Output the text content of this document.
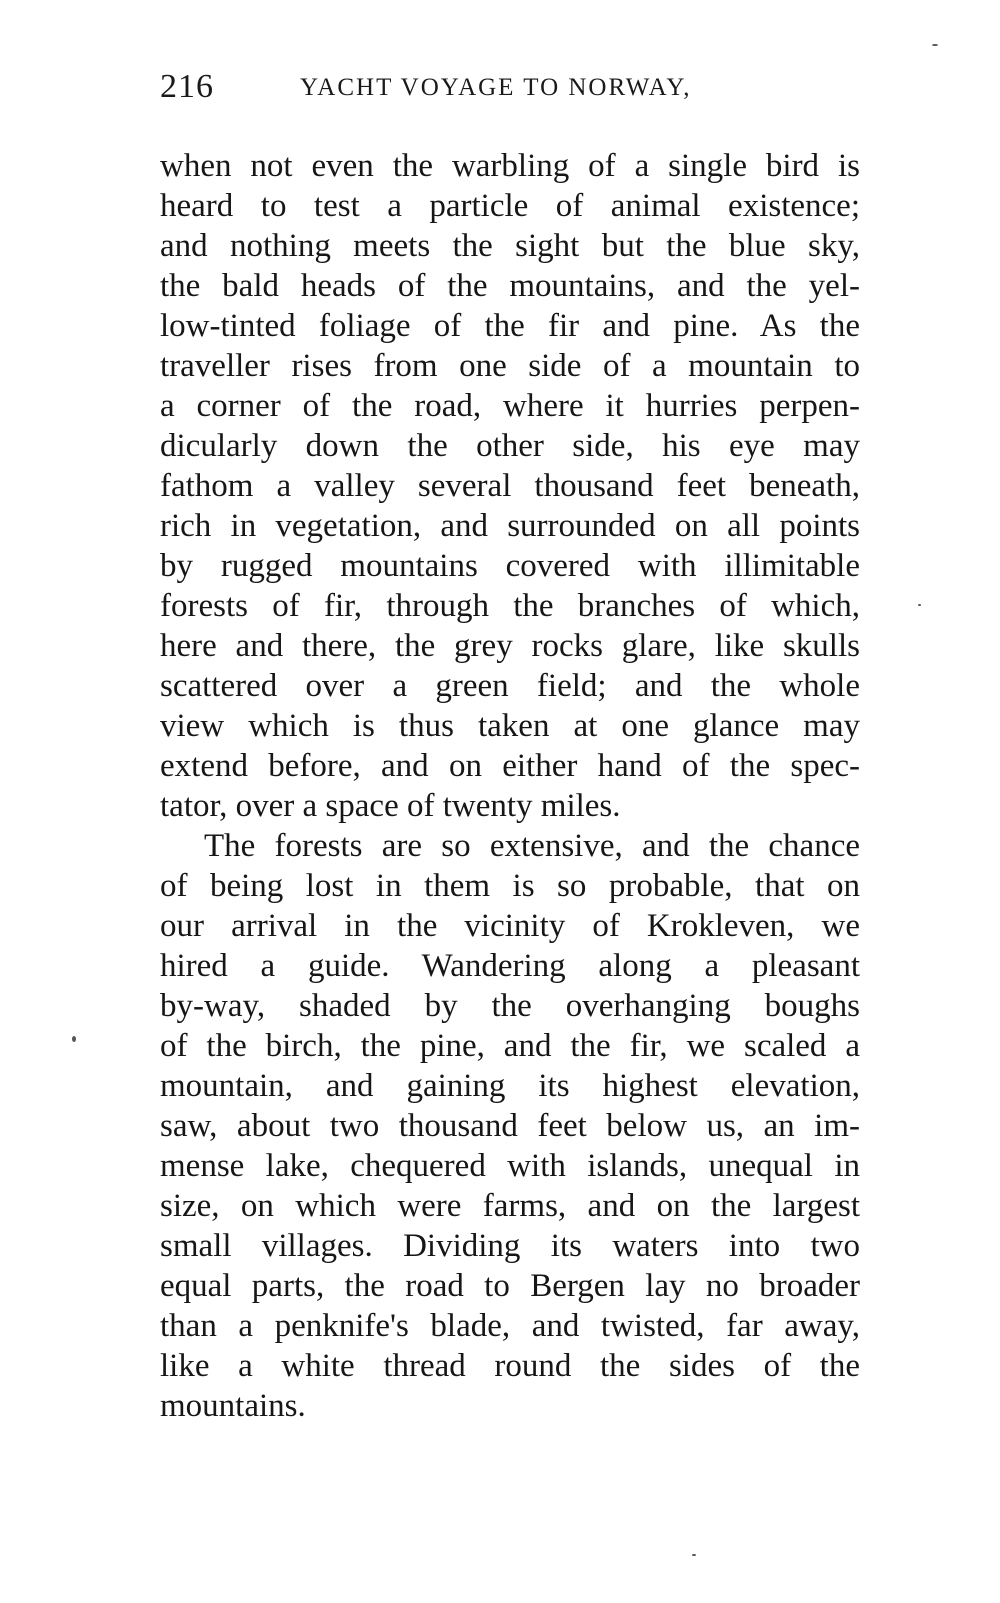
216	YACHT VOYAGE TO NORWAY,
when not even the warbling of a single bird is
heard to test a particle of animal existence;
and nothing meets the sight but the blue sky,
the bald heads of the mountains, and the yel-
low-tinted foliage of the fir and pine. As the
traveller rises from one side of a mountain to
a corner of the road, where it hurries perpen-
dicularly down the other side, his eye may
fathom a valley several thousand feet beneath,
rich in vegetation, and surrounded on all points
by rugged mountains covered with illimitable
forests of fir, through the branches of which,
here and there, the grey rocks glare, like skulls
scattered over a green field; and the whole
view which is thus taken at one glance may
extend before, and on either hand of the spec-
tator, over a space of twenty miles.
The forests are so extensive, and the chance
of being lost in them is so probable, that on
our arrival in the vicinity of Krokleven, we
hired a guide. Wandering along a pleasant
by-way, shaded by the overhanging boughs
of the birch, the pine, and the fir, we scaled a
mountain, and gaining its highest elevation,
saw, about two thousand feet below us, an im-
mense lake, chequered with islands, unequal in
size, on which were farms, and on the largest
small villages. Dividing its waters into two
equal parts, the road to Bergen lay no broader
than a penknife's blade, and twisted, far away,
like a white thread round the sides of the
mountains.
